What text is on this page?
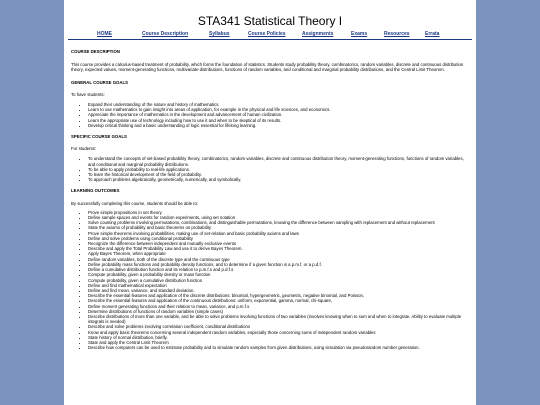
STA341 Statistical Theory I
HOME	Course Description	Syllabus	Course Policies	Assignments	Exams	Resources	Errata

COURSE DESCRIPTION

This course provides a calculus-based treatment of probability, which forms the foundation of statistics. Students study probability theory, combinatorics, random variables, discrete and continuous distribution theory, expected values, moment-generating functions, multivariate distributions, functions of random variables, and conditional and marginal probability distributions, and the Central Limit Theorem.

GENERAL COURSE GOALS

To have students:

• Expand their understanding of the nature and history of mathematics.
• Learn to use mathematics to gain insight into areas of application, for example in the physical and life sciences, and economics.
• Appreciate the importance of mathematics in the development and advancement of human civilization.
• Learn the appropriate use of technology including how to use it and when to be skeptical of its results.
• Develop critical thinking and a basic understanding of logic essential for lifelong learning.

SPECIFIC COURSE GOALS

For students:

• To understand the concepts of set-based probability theory, combinatorics, random variables, discrete and continuous distribution theory, moment-generating functions, functions of random variables, and conditional and marginal probability distributions.
• To be able to apply probability to real-life applications.
• To learn the historical development of the field of probability.
• To approach problems algebraically, geometrically, numerically, and symbolically.

LEARNING OUTCOMES

By successfully completing this course, students should be able to:

• Prove simple propositions in set theory
• Define sample spaces and events for random experiments, using set notation
• Solve counting problems involving permutations, combinations, and distinguishable permutations, knowing the difference between sampling with replacement and without replacement
• State the axioms of probability and basic theorems on probability
• Prove simple theorems involving probabilities, making use of set-relation and basic probability axioms and laws
• Define and solve problems using conditional probability
• Recognize the difference between independent and mutually exclusive events
• Describe and apply the Total Probability Law and use it to derive Bayes Theorem.
• Apply Bayes Theorem, when appropriate
• Define random variables, both of the discrete type and the continuous type
• Define probability mass functions and probability density functions, and to determine if a given function is a p.m.f. or a p.d.f.
• Define a cumulative distribution function and its relation to p.m.f.s and p.d.f.s
• Compute probability, given a probability density or mass function
• Compute probability, given a cumulative distribution function
• Define and find mathematical expectation
• Define and find mean, variance, and standard deviation.
• Describe the essential features and application of the discrete distributions: binomial, hypergeometric, geometric, negative binomial, and Poisson,
• Describe the essential features and application of the continuous distributions: uniform, exponential, gamma, normal, chi-square,
• Define moment generating functions and their relation to mean, variance, and p.m.f.s
• Determine distributions of functions of random variables (simple cases)
• Describe distributions of more than one variable, and be able to solve problems involving functions of two variables (involves knowing when to sum and when to integrate. Ability to evaluate multiple integrals is needed)
• Describe and solve problems involving correlation coefficient, conditional distributions
• Know and apply basic theorems concerning several independent random variables, especially those concerning sums of independent random variables
• State history of normal distribution, briefly.
• State and apply the Central Limit Theorem
• Describe how computers can be used to estimate probability and to simulate random samples from given distributions, using simulation via pseudorandom number generation.
